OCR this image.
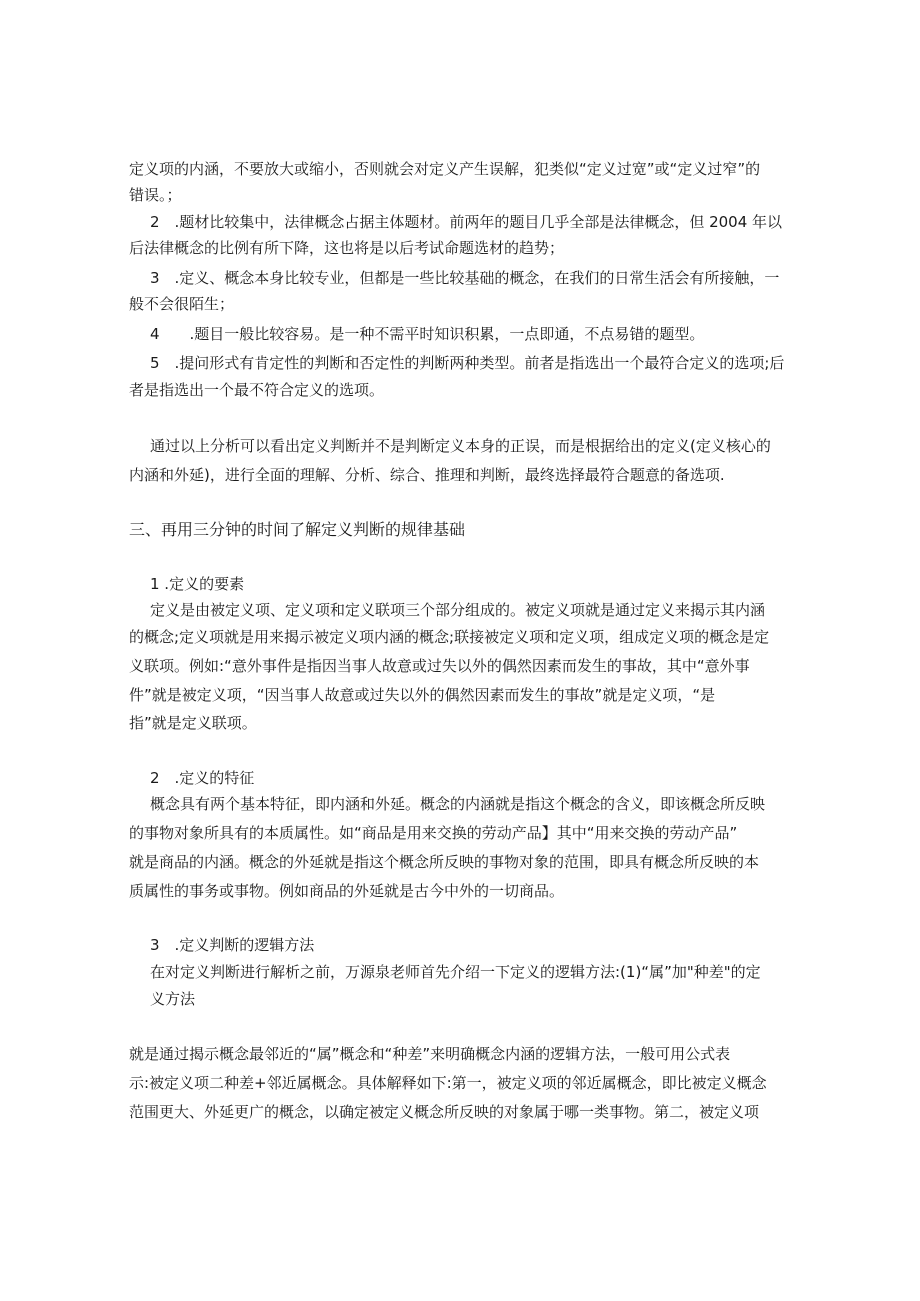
定义项的内涵，不要放大或缩小，否则就会对定义产生误解，犯类似“定义过宽”或“定义过窄”的
错误。；
2　.题材比较集中，法律概念占据主体题材。前两年的题目几乎全部是法律概念，但 2004 年以
后法律概念的比例有所下降，这也将是以后考试命题选材的趋势；
3　.定义、概念本身比较专业，但都是一些比较基础的概念，在我们的日常生活会有所接触，一
般不会很陌生；
4　　.题目一般比较容易。是一种不需平时知识积累，一点即通，不点易错的题型。
5　.提问形式有肯定性的判断和否定性的判断两种类型。前者是指选出一个最符合定义的选项;后
者是指选出一个最不符合定义的选项。
通过以上分析可以看出定义判断并不是判断定义本身的正误，而是根据给出的定义(定义核心的
内涵和外延)，进行全面的理解、分析、综合、推理和判断，最终选择最符合题意的备选项.
三、再用三分钟的时间了解定义判断的规律基础
1 .定义的要素
定义是由被定义项、定义项和定义联项三个部分组成的。被定义项就是通过定义来揭示其内涵
的概念;定义项就是用来揭示被定义项内涵的概念;联接被定义项和定义项，组成定义项的概念是定
义联项。例如:“意外事件是指因当事人故意或过失以外的偶然因素而发生的事故，其中“意外事
件”就是被定义项，“因当事人故意或过失以外的偶然因素而发生的事故”就是定义项，“是
指”就是定义联项。
2　.定义的特征
概念具有两个基本特征，即内涵和外延。概念的内涵就是指这个概念的含义，即该概念所反映
的事物对象所具有的本质属性。如“商品是用来交换的劳动产品】其中“用来交换的劳动产品”
就是商品的内涵。概念的外延就是指这个概念所反映的事物对象的范围，即具有概念所反映的本
质属性的事务或事物。例如商品的外延就是古今中外的一切商品。
3　.定义判断的逻辑方法
在对定义判断进行解析之前，万源泉老师首先介绍一下定义的逻辑方法:(1)“属”加"种差"的定
义方法
就是通过揭示概念最邻近的“属”概念和“种差”来明确概念内涵的逻辑方法，一般可用公式表
示:被定义项二种差+邻近属概念。具体解释如下:第一，被定义项的邻近属概念，即比被定义概念
范围更大、外延更广的概念，以确定被定义概念所反映的对象属于哪一类事物。第二，被定义项
